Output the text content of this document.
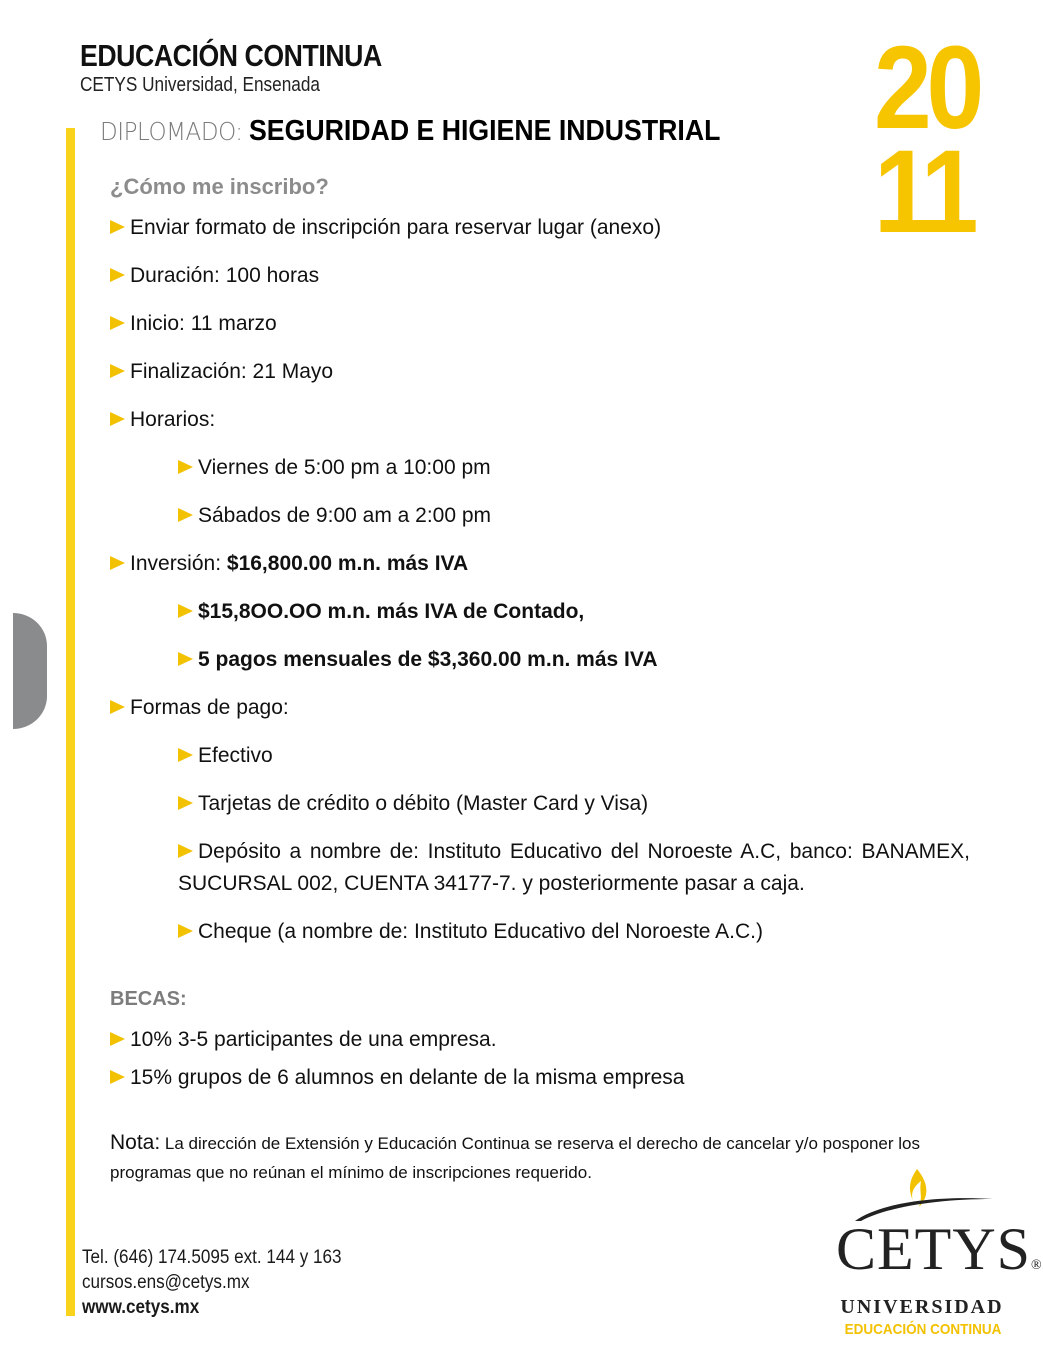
EDUCACIÓN CONTINUA
CETYS Universidad, Ensenada	20
11
DIPLOMADO: SEGURIDAD E HIGIENE INDUSTRIAL
¿Cómo me inscribo?
Enviar formato de inscripción para reservar lugar (anexo)
Duración: 100 horas
Inicio: 11 marzo
Finalización: 21 Mayo
Horarios:
Viernes de 5:00 pm a 10:00 pm
Sábados de 9:00 am a 2:00 pm
Inversión: $16,800.00 m.n. más IVA
$15,8OO.OO m.n. más IVA de Contado,
5 pagos mensuales de $3,360.00 m.n. más IVA
Formas de pago:
Efectivo
Tarjetas de crédito o débito (Master Card y Visa)
Depósito a nombre de: Instituto Educativo del Noroeste A.C, banco: BANAMEX, SUCURSAL 002, CUENTA 34177-7. y posteriormente pasar a caja.
Cheque (a nombre de: Instituto Educativo del Noroeste A.C.)
BECAS:
10% 3-5 participantes de una empresa.
15% grupos de 6 alumnos en delante de la misma empresa
Nota: La dirección de Extensión y Educación Continua se reserva el derecho de cancelar y/o posponer los programas que no reúnan el mínimo de inscripciones requerido.
Tel. (646) 174.5095 ext. 144 y 163
cursos.ens@cetys.mx
www.cetys.mx
CETYS®
UNIVERSIDAD
EDUCACIÓN CONTINUA
